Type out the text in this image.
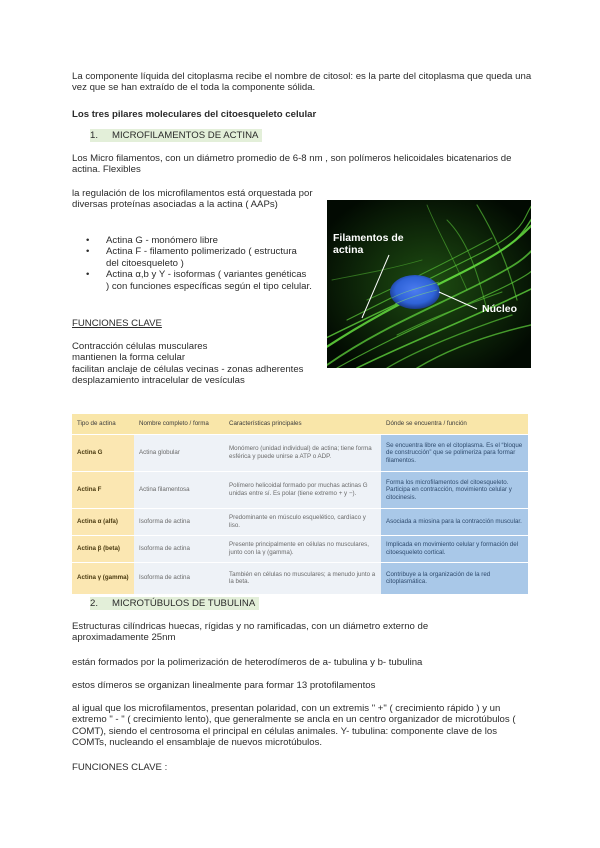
La componente líquida del citoplasma recibe el nombre de citosol: es la parte del citoplasma que queda una vez que se han extraído de el toda la componente sólida.

Los tres pilares moleculares del citoesqueleto celular

1. MICROFILAMENTOS DE ACTINA

Los Micro filamentos, con un diámetro promedio de 6-8 nm , son polímeros helicoidales bicatenarios de actina. Flexibles

la regulación de los microfilamentos está orquestada por diversas proteínas asociadas a la actina ( AAPs)

• Actina G - monómero libre
• Actina F - filamento polimerizado ( estructura del citoesqueleto )
• Actina α,b y Y - isoformas ( variantes genéticas ) con funciones específicas según el tipo celular.

FUNCIONES CLAVE

Contracción células musculares

mantienen la forma celular

facilitan anclaje de células vecinas - zonas adherentes

desplazamiento intracelular de vesículas

Filamentos de actina
Núcleo
Tipo de actina	Nombre completo / forma	Características principales	Dónde se encuentra / función
Actina G	Actina globular	Monómero (unidad individual) de actina; tiene forma esférica y puede unirse a ATP o ADP.	Se encuentra libre en el citoplasma. Es el “bloque de construcción” que se polimeriza para formar filamentos.
Actina F	Actina filamentosa	Polímero helicoidal formado por muchas actinas G unidas entre sí. Es polar (tiene extremo + y −).	Forma los microfilamentos del citoesqueleto. Participa en contracción, movimiento celular y citocinesis.
Actina α (alfa)	Isoforma de actina	Predominante en músculo esquelético, cardíaco y liso.	Asociada a miosina para la contracción muscular.
Actina β (beta)	Isoforma de actina	Presente principalmente en células no musculares, junto con la γ (gamma).	Implicada en movimiento celular y formación del citoesqueleto cortical.
Actina γ (gamma)	Isoforma de actina	También en células no musculares; a menudo junto a la beta.	Contribuye a la organización de la red citoplasmática.
2. MICROTÚBULOS DE TUBULINA

Estructuras cilíndricas huecas, rígidas y no ramificadas, con un diámetro externo de aproximadamente 25nm

están formados por la polimerización de heterodímeros de a- tubulina y b- tubulina

estos dímeros se organizan linealmente para formar 13 protofilamentos

al igual que los microfilamentos, presentan polaridad, con un extremis " +" ( crecimiento rápido ) y un extremo " - " ( crecimiento lento), que generalmente se ancla en un centro organizador de microtúbulos ( COMT), siendo el centrosoma el principal en células animales. Y- tubulina: componente clave de los COMTs, nucleando el ensamblaje de nuevos microtúbulos.

FUNCIONES CLAVE :
